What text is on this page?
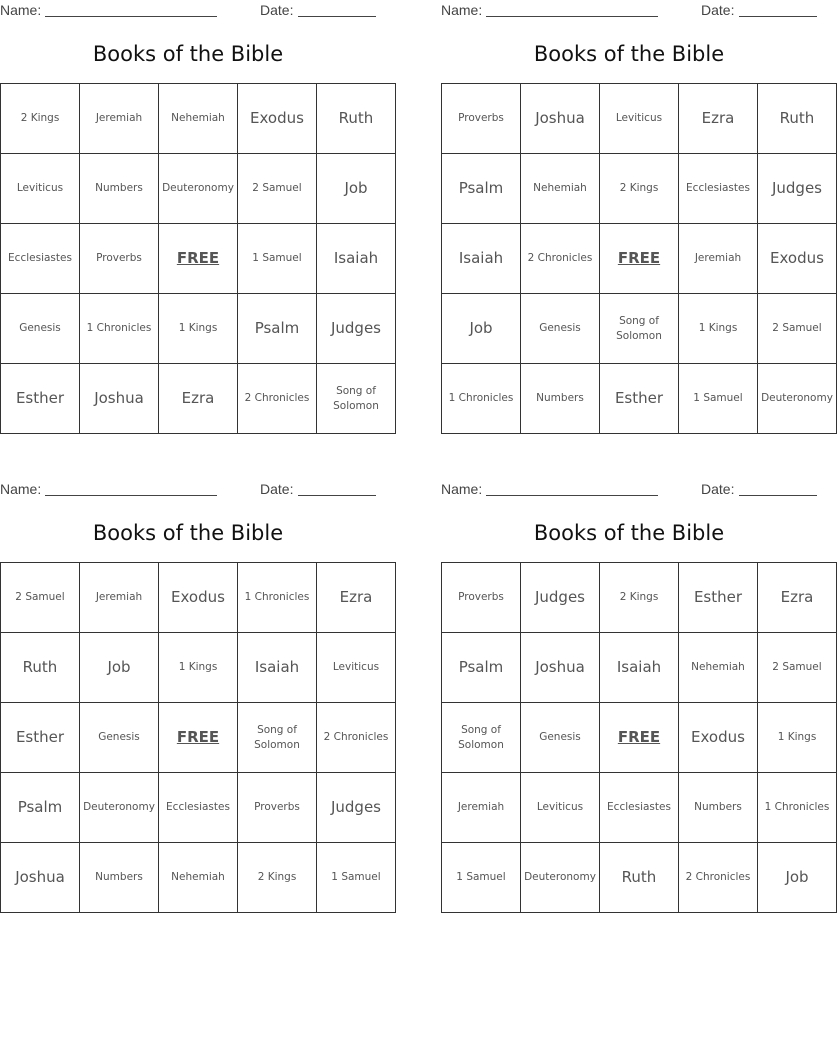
Name:	Date:
Books of the Bible
2 Kings	Jeremiah	Nehemiah	Exodus	Ruth
Leviticus	Numbers	Deuteronomy	2 Samuel	Job
Ecclesiastes	Proverbs	FREE	1 Samuel	Isaiah
Genesis	1 Chronicles	1 Kings	Psalm	Judges
Esther	Joshua	Ezra	2 Chronicles	Song of Solomon
Name:	Date:
Books of the Bible
Proverbs	Joshua	Leviticus	Ezra	Ruth
Psalm	Nehemiah	2 Kings	Ecclesiastes	Judges
Isaiah	2 Chronicles	FREE	Jeremiah	Exodus
Job	Genesis	Song of Solomon	1 Kings	2 Samuel
1 Chronicles	Numbers	Esther	1 Samuel	Deuteronomy
Name:	Date:
Books of the Bible
2 Samuel	Jeremiah	Exodus	1 Chronicles	Ezra
Ruth	Job	1 Kings	Isaiah	Leviticus
Esther	Genesis	FREE	Song of Solomon	2 Chronicles
Psalm	Deuteronomy	Ecclesiastes	Proverbs	Judges
Joshua	Numbers	Nehemiah	2 Kings	1 Samuel
Name:	Date:
Books of the Bible
Proverbs	Judges	2 Kings	Esther	Ezra
Psalm	Joshua	Isaiah	Nehemiah	2 Samuel
Song of Solomon	Genesis	FREE	Exodus	1 Kings
Jeremiah	Leviticus	Ecclesiastes	Numbers	1 Chronicles
1 Samuel	Deuteronomy	Ruth	2 Chronicles	Job
